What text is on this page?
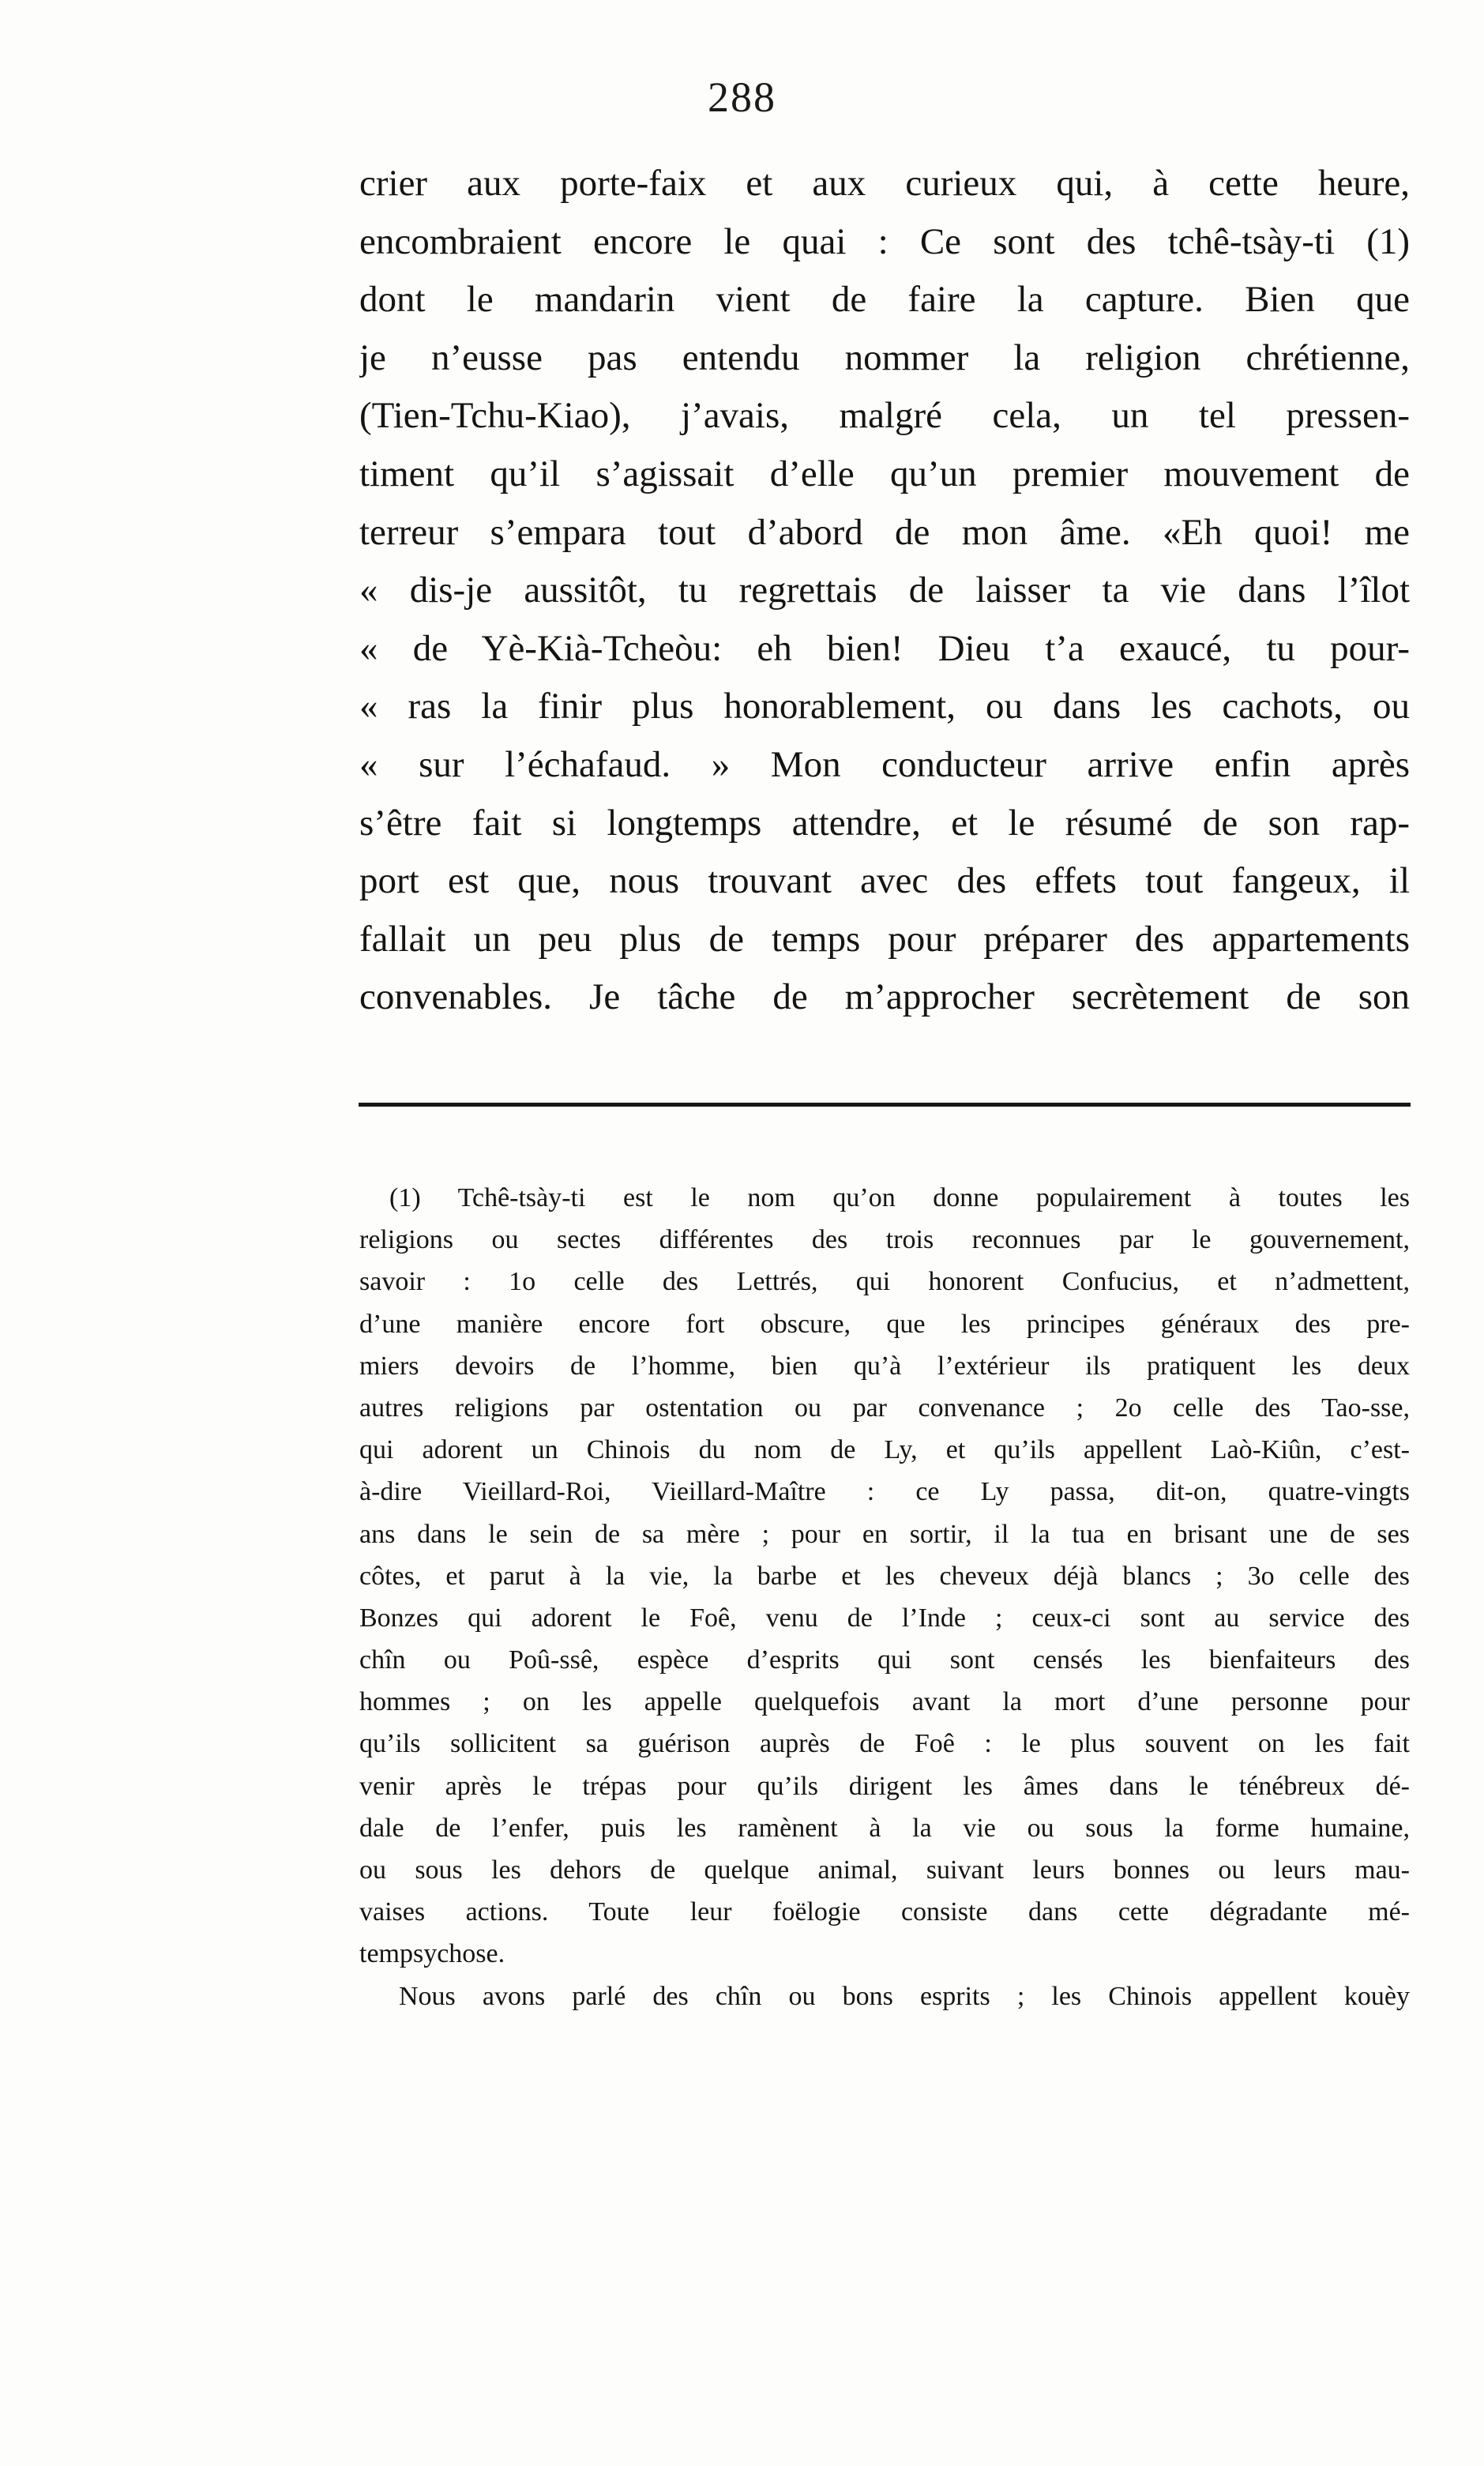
288
crier aux porte-faix et aux curieux qui, à cette heure,
encombraient encore le quai : Ce sont des tchê-tsày-ti (1)
dont le mandarin vient de faire la capture. Bien que
je n’eusse pas entendu nommer la religion chrétienne,
(Tien-Tchu-Kiao), j’avais, malgré cela, un tel pressen-
timent qu’il s’agissait d’elle qu’un premier mouvement de
terreur s’empara tout d’abord de mon âme. «Eh quoi! me
« dis-je aussitôt, tu regrettais de laisser ta vie dans l’îlot
« de Yè-Kià-Tcheòu: eh bien! Dieu t’a exaucé, tu pour-
« ras la finir plus honorablement, ou dans les cachots, ou
« sur l’échafaud. » Mon conducteur arrive enfin après
s’être fait si longtemps attendre, et le résumé de son rap-
port est que, nous trouvant avec des effets tout fangeux, il
fallait un peu plus de temps pour préparer des appartements
convenables. Je tâche de m’approcher secrètement de son
(1) Tchê-tsày-ti est le nom qu’on donne populairement à toutes les
religions ou sectes différentes des trois reconnues par le gouvernement,
savoir : 1o celle des Lettrés, qui honorent Confucius, et n’admettent,
d’une manière encore fort obscure, que les principes généraux des pre-
miers devoirs de l’homme, bien qu’à l’extérieur ils pratiquent les deux
autres religions par ostentation ou par convenance ; 2o celle des Tao-sse,
qui adorent un Chinois du nom de Ly, et qu’ils appellent Laò-Kiûn, c’est-
à-dire Vieillard-Roi, Vieillard-Maître : ce Ly passa, dit-on, quatre-vingts
ans dans le sein de sa mère ; pour en sortir, il la tua en brisant une de ses
côtes, et parut à la vie, la barbe et les cheveux déjà blancs ; 3o celle des
Bonzes qui adorent le Foê, venu de l’Inde ; ceux-ci sont au service des
chîn ou Poû-ssê, espèce d’esprits qui sont censés les bienfaiteurs des
hommes ; on les appelle quelquefois avant la mort d’une personne pour
qu’ils sollicitent sa guérison auprès de Foê : le plus souvent on les fait
venir après le trépas pour qu’ils dirigent les âmes dans le ténébreux dé-
dale de l’enfer, puis les ramènent à la vie ou sous la forme humaine,
ou sous les dehors de quelque animal, suivant leurs bonnes ou leurs mau-
vaises actions. Toute leur foëlogie consiste dans cette dégradante mé-
tempsychose.
Nous avons parlé des chîn ou bons esprits ; les Chinois appellent kouèy
